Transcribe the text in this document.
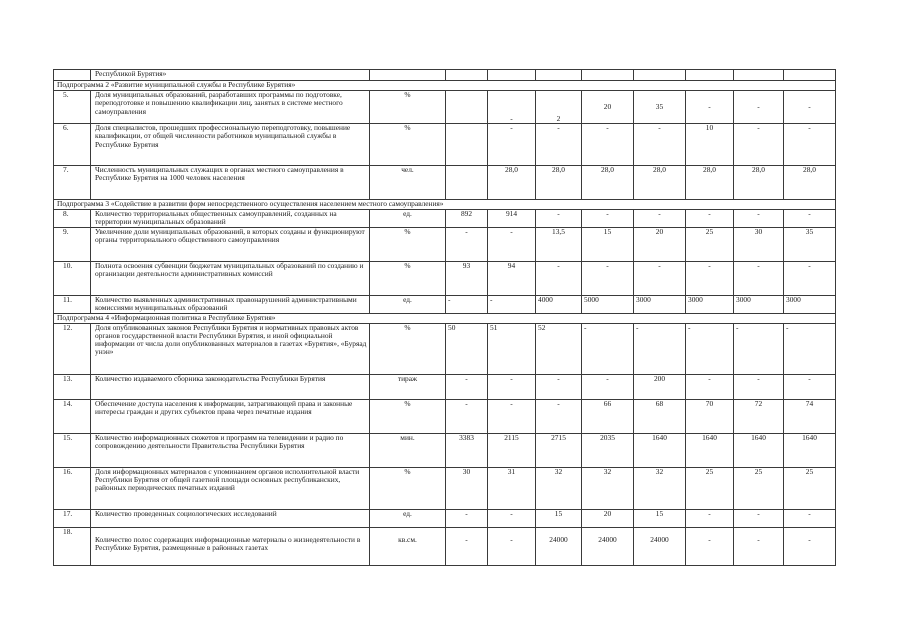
	Республикой Бурятия»										
Подпрограмма 2 «Развитие муниципальной службы в Республике Бурятия»											
5.	Доля муниципальных образований, разработавших программы по подготовке, переподготовке и повышению квалификации лиц, занятых в системе местного самоуправления	%		-	2	20	35	-	-	-	
6.	Доля специалистов, прошедших профессиональную переподготовку, повышение квалификации, от общей численности работников муниципальной службы в Республике Бурятия	%		-	-	-	-	10	-	-	
7.	Численность муниципальных служащих в органах местного самоуправления в Республике Бурятия на 1000 человек населения	чел.		28,0	28,0	28,0	28,0	28,0	28,0	28,0	
Подпрограмма 3 «Содействие в развитии форм непосредственного осуществления населением местного самоуправления»											
8.	Количество территориальных общественных самоуправлений, созданных на территории муниципальных образований	ед.	892	914	-	-	-	-	-	-	
9.	Увеличение доли муниципальных образований, в которых созданы и функционируют органы территориального общественного самоуправления	%	-	-	13,5	15	20	25	30	35	
10.	Полнота освоения субвенции бюджетам муниципальных образований по созданию и организации деятельности административных комиссий	%	93	94	-	-	-	-	-	-	
11.	Количество выявленных административных правонарушений административными комиссиями муниципальных образований	ед.	-	-	4000	5000	3000	3000	3000	3000	
Подпрограмма 4 «Информационная политика в Республике Бурятия»											
12.	Доля опубликованных законов Республики Бурятия и нормативных правовых актов органов государственной власти Республики Бурятия, и иной официальной информации от числа доли опубликованных материалов в газетах «Бурятия», «Буряад унэн»	%	50	51	52	-	-	-	-	-	
13.	Количество издаваемого сборника законодательства Республики Бурятия	тираж	-	-	-	-	200	-	-	-	
14.	Обеспечение доступа населения к информации, затрагивающей права и законные интересы граждан и других субъектов права через печатные издания	%	-	-	-	66	68	70	72	74	
15.	Количество информационных сюжетов и программ на телевидении и радио по сопровождению деятельности Правительства Республики Бурятия	мин.	3383	2115	2715	2035	1640	1640	1640	1640	
16.	Доля информационных материалов с упоминанием органов исполнительной власти Республики Бурятия от общей газетной площади основных республиканских, районных периодических печатных изданий	%	30	31	32	32	32	25	25	25	
17.	Количество проведенных социологических исследований	ед.	-	-	15	20	15	-	-	-	
18.	Количество полос содержащих информационные материалы о жизнедеятельности в Республике Бурятия, размещенные в районных газетах	кв.см.	-	-	24000	24000	24000	-	-	-	
